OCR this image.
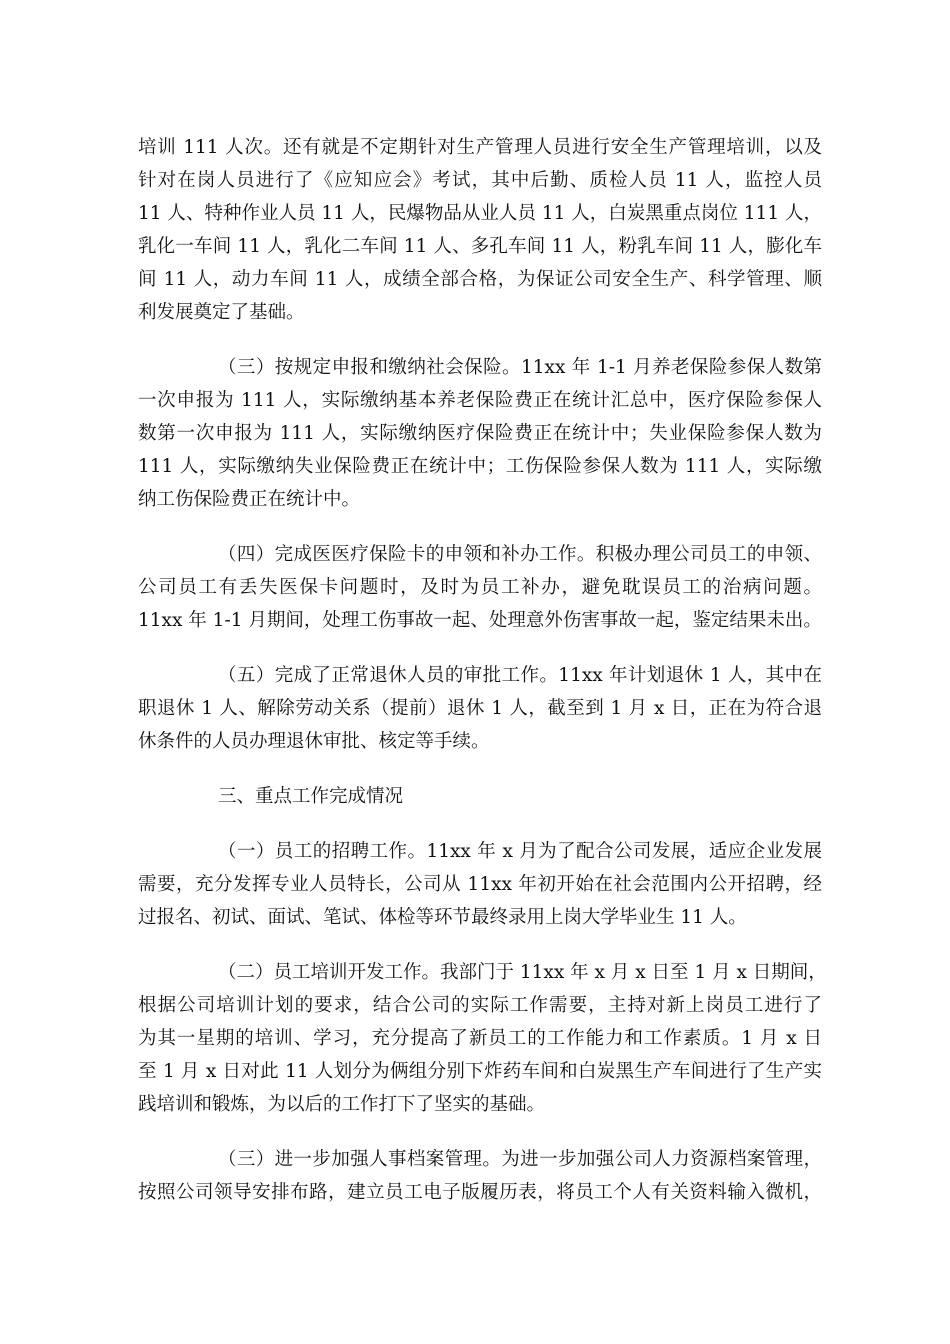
培训 111 人次。还有就是不定期针对生产管理人员进行安全生产管理培训，以及
针对在岗人员进行了《应知应会》考试，其中后勤、质检人员 11 人，监控人员
11 人、特种作业人员 11 人，民爆物品从业人员 11 人，白炭黑重点岗位 111 人，
乳化一车间 11 人，乳化二车间 11 人、多孔车间 11 人，粉乳车间 11 人，膨化车
间 11 人，动力车间 11 人，成绩全部合格，为保证公司安全生产、科学管理、顺
利发展奠定了基础。
（三）按规定申报和缴纳社会保险。11xx 年 1-1 月养老保险参保人数第
一次申报为 111 人，实际缴纳基本养老保险费正在统计汇总中，医疗保险参保人
数第一次申报为 111 人，实际缴纳医疗保险费正在统计中；失业保险参保人数为
111 人，实际缴纳失业保险费正在统计中；工伤保险参保人数为 111 人，实际缴
纳工伤保险费正在统计中。
（四）完成医医疗保险卡的申领和补办工作。积极办理公司员工的申领、
公司员工有丢失医保卡问题时，及时为员工补办，避免耽误员工的治病问题。
11xx 年 1-1 月期间，处理工伤事故一起、处理意外伤害事故一起，鉴定结果未出。
（五）完成了正常退休人员的审批工作。11xx 年计划退休 1 人，其中在
职退休 1 人、解除劳动关系（提前）退休 1 人，截至到 1 月 x 日，正在为符合退
休条件的人员办理退休审批、核定等手续。
三、重点工作完成情况
（一）员工的招聘工作。11xx 年 x 月为了配合公司发展，适应企业发展
需要，充分发挥专业人员特长，公司从 11xx 年初开始在社会范围内公开招聘，经
过报名、初试、面试、笔试、体检等环节最终录用上岗大学毕业生 11 人。
（二）员工培训开发工作。我部门于 11xx 年 x 月 x 日至 1 月 x 日期间，
根据公司培训计划的要求，结合公司的实际工作需要，主持对新上岗员工进行了
为其一星期的培训、学习，充分提高了新员工的工作能力和工作素质。1 月 x 日
至 1 月 x 日对此 11 人划分为俩组分别下炸药车间和白炭黑生产车间进行了生产实
践培训和锻炼，为以后的工作打下了坚实的基础。
（三）进一步加强人事档案管理。为进一步加强公司人力资源档案管理，
按照公司领导安排布路，建立员工电子版履历表，将员工个人有关资料输入微机，
